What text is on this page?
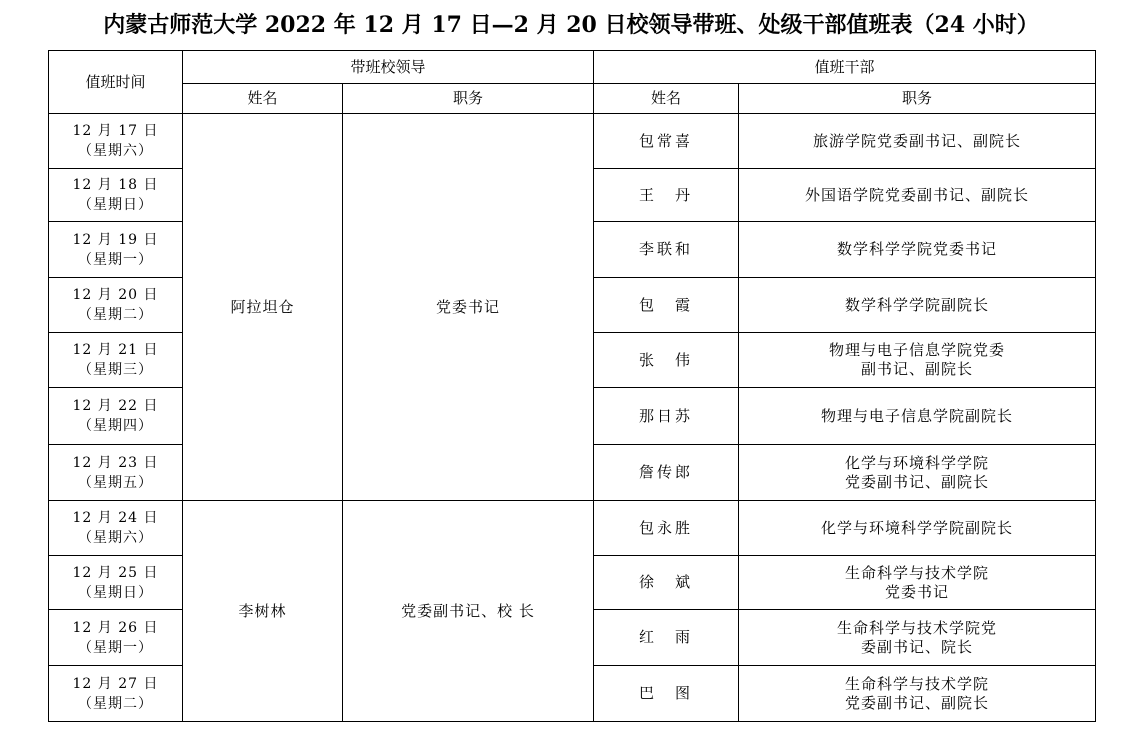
内蒙古师范大学 2022 年 12 月 17 日—2 月 20 日校领导带班、处级干部值班表（24 小时）
值班时间	带班校领导		值班干部	
	姓名	职务	姓名	职务

12 月 17 日
（星期六）	阿拉坦仓	党委书记	包常喜	旅游学院党委副书记、副院长

12 月 18 日
（星期日）			王　丹	外国语学院党委副书记、副院长

12 月 19 日
（星期一）			李联和	数学科学学院党委书记

12 月 20 日
（星期二）			包　霞	数学科学学院副院长

12 月 21 日
（星期三）			张　伟	物理与电子信息学院党委
副书记、副院长

12 月 22 日
（星期四）			那日苏	物理与电子信息学院副院长

12 月 23 日
（星期五）			詹传郎	化学与环境科学学院
党委副书记、副院长

12 月 24 日
（星期六）	李树林	党委副书记、校 长	包永胜	化学与环境科学学院副院长

12 月 25 日
（星期日）			徐　斌	生命科学与技术学院
党委书记

12 月 26 日
（星期一）			红　雨	生命科学与技术学院党
委副书记、院长

12 月 27 日
（星期二）			巴　图	生命科学与技术学院
党委副书记、副院长
